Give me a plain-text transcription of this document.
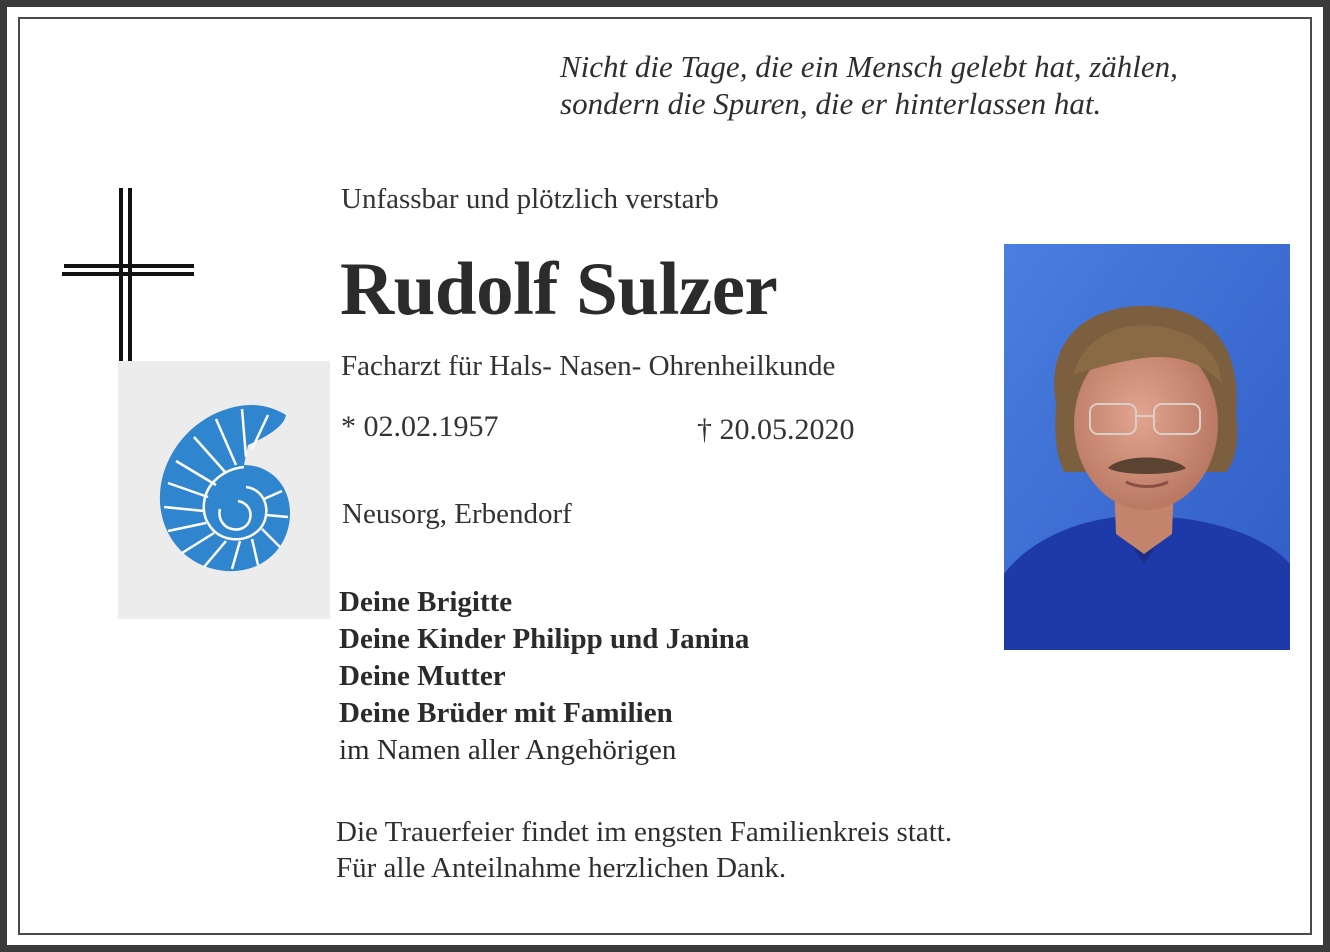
Nicht die Tage, die ein Mensch gelebt hat, zählen,
sondern die Spuren, die er hinterlassen hat.
Unfassbar und plötzlich verstarb
Rudolf Sulzer
Facharzt für Hals- Nasen- Ohrenheilkunde
* 02.02.1957	† 20.05.2020
Neusorg, Erbendorf
Deine Brigitte
Deine Kinder Philipp und Janina
Deine Mutter
Deine Brüder mit Familien
im Namen aller Angehörigen
Die Trauerfeier findet im engsten Familienkreis statt.
Für alle Anteilnahme herzlichen Dank.
